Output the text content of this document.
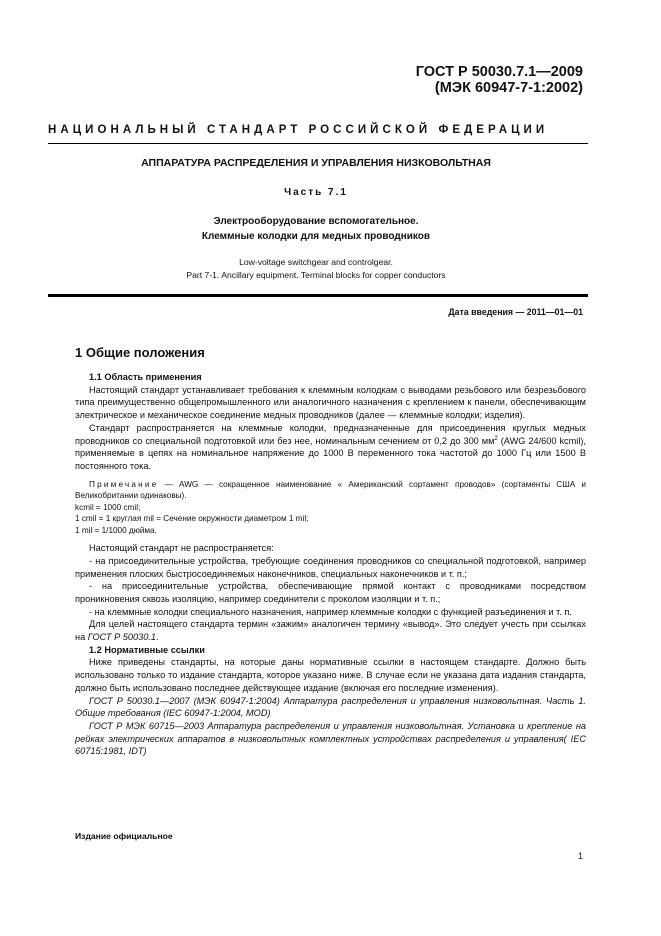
ГОСТ Р 50030.7.1—2009
(МЭК 60947-7-1:2002)
НАЦИОНАЛЬНЫЙ СТАНДАРТ РОССИЙСКОЙ ФЕДЕРАЦИИ
АППАРАТУРА РАСПРЕДЕЛЕНИЯ И УПРАВЛЕНИЯ НИЗКОВОЛЬТНАЯ
Часть 7.1
Электрооборудование вспомогательное.
Клеммные колодки для медных проводников
Low-voltage switchgear and controlgear.
Part 7-1. Ancillary equipment. Terminal blocks for copper conductors
Дата введения — 2011—01—01
1 Общие положения

1.1 Область применения

Настоящий стандарт устанавливает требования к клеммным колодкам с выводами резьбового или безрезьбового типа преимущественно общепромышленного или аналогичного назначения с креплением к панели, обеспечивающим электрическое и механическое соединение медных проводников (далее — клеммные колодки; изделия).

Стандарт распространяется на клеммные колодки, предназначенные для присоединения круглых медных проводников со специальной подготовкой или без нее, номинальным сечением от 0,2 до 300 $мм^2$ (AWG 24/600 kcmil), применяемые в цепях на номинальное напряжение до 1000 В переменного тока частотой до 1000 Гц или 1500 В постоянного тока.

Примечание — AWG — сокращенное наименование « Американский сортамент проводов» (сортаменты США и Великобритании одинаковы).

kcmil = 1000 cmil;

1 cmil = 1 круглая mil = Сечение окружности диаметром 1 mil;

1 mil = 1/1000 дюйма.

Настоящий стандарт не распространяется:

- на присоединительные устройства, требующие соединения проводников со специальной подготовкой, например применения плоских быстросоединяемых наконечников, специальных наконечников и т. п.;

- на присоединительные устройства, обеспечивающие прямой контакт с проводниками посредством проникновения сквозь изоляцию, например соединители с проколом изоляции и т. п.;

- на клеммные колодки специального назначения, например клеммные колодки с функцией разъединения и т. п.

Для целей настоящего стандарта термин «зажим» аналогичен термину «вывод». Это следует учесть при ссылках на ГОСТ Р 50030.1.

1.2 Нормативные ссылки

Ниже приведены стандарты, на которые даны нормативные ссылки в настоящем стандарте. Должно быть использовано только то издание стандарта, которое указано ниже. В случае если не указана дата издания стандарта, должно быть использовано последнее действующее издание (включая его последние изменения).

ГОСТ Р 50030.1—2007 (МЭК 60947-1:2004) Аппаратура распределения и управления низковольтная. Часть 1. Общие требования (IEC 60947-1:2004, MOD)

ГОСТ Р МЭК 60715—2003 Аппаратура распределения и управления низковольтная. Установка и крепление на рейках электрических аппаратов в низковольтных комплектных устройствах распределения и управления( IEC 60715:1981, IDT)

Издание официальное
1
